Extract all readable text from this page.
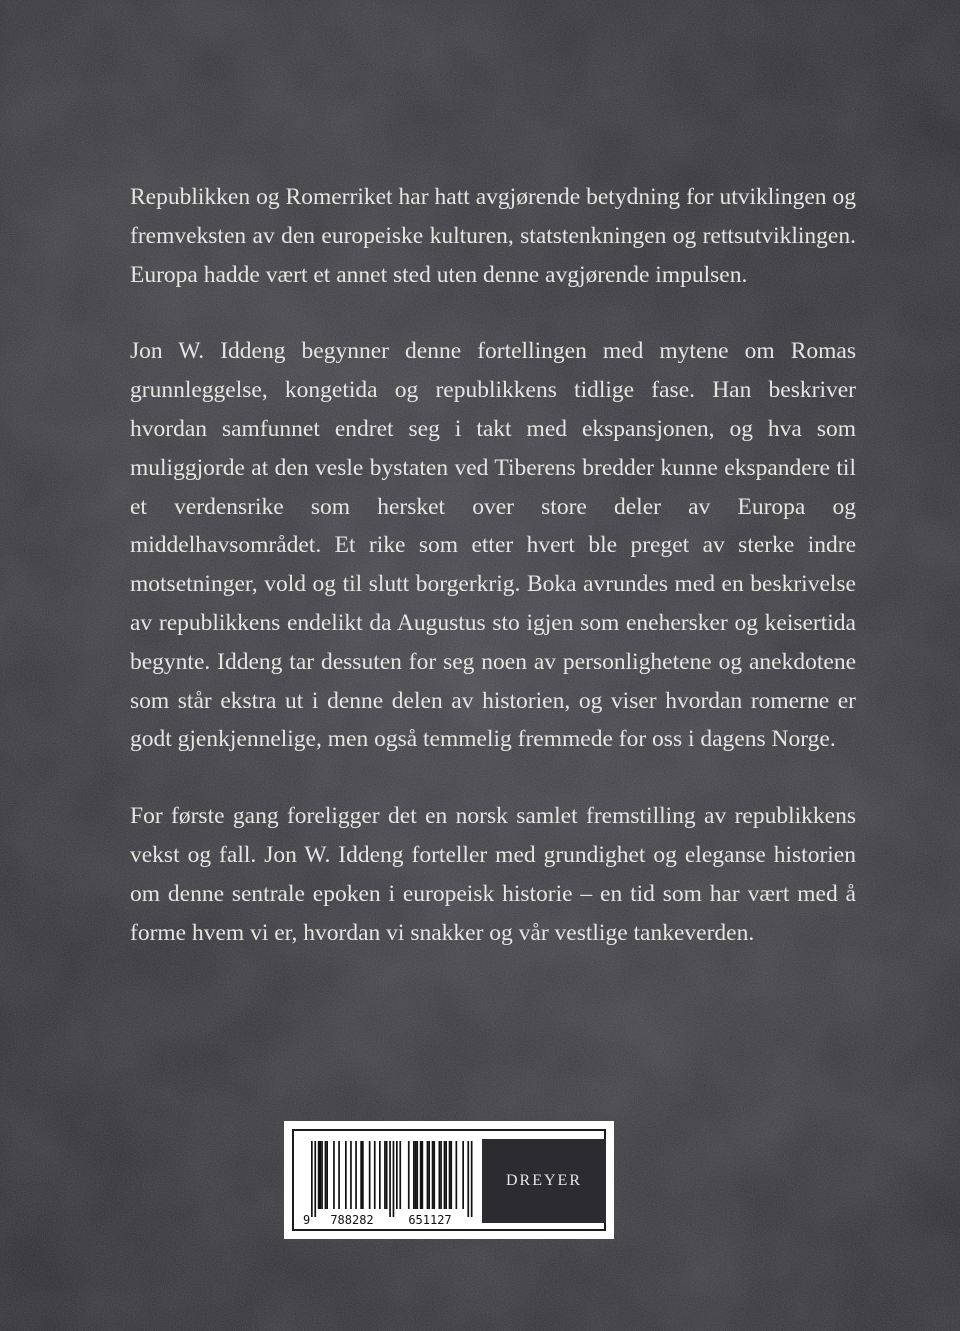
Republikken og Romerriket har hatt avgjørende betydning for utviklingen og fremveksten av den europeiske kulturen, statstenkningen og rettsutviklingen. Europa hadde vært et annet sted uten denne avgjørende impulsen.

Jon W. Iddeng begynner denne fortellingen med mytene om Romas grunnleggelse, kongetida og republikkens tidlige fase. Han beskriver hvordan samfunnet endret seg i takt med ekspansjonen, og hva som muliggjorde at den vesle bystaten ved Tiberens bredder kunne ekspandere til et verdensrike som hersket over store deler av Europa og middelhavsområdet. Et rike som etter hvert ble preget av sterke indre motsetninger, vold og til slutt borgerkrig. Boka avrundes med en beskrivelse av republikkens endelikt da Augustus sto igjen som enehersker og keisertida begynte. Iddeng tar dessuten for seg noen av personlighetene og anekdotene som står ekstra ut i denne delen av historien, og viser hvordan romerne er godt gjenkjennelige, men også temmelig fremmede for oss i dagens Norge.

For første gang foreligger det en norsk samlet fremstilling av republikkens vekst og fall. Jon W. Iddeng forteller med grundighet og eleganse historien om denne sentrale epoken i europeisk historie – en tid som har vært med å forme hvem vi er, hvordan vi snakker og vår vestlige tankeverden.

9 788282	651127
DREYER
